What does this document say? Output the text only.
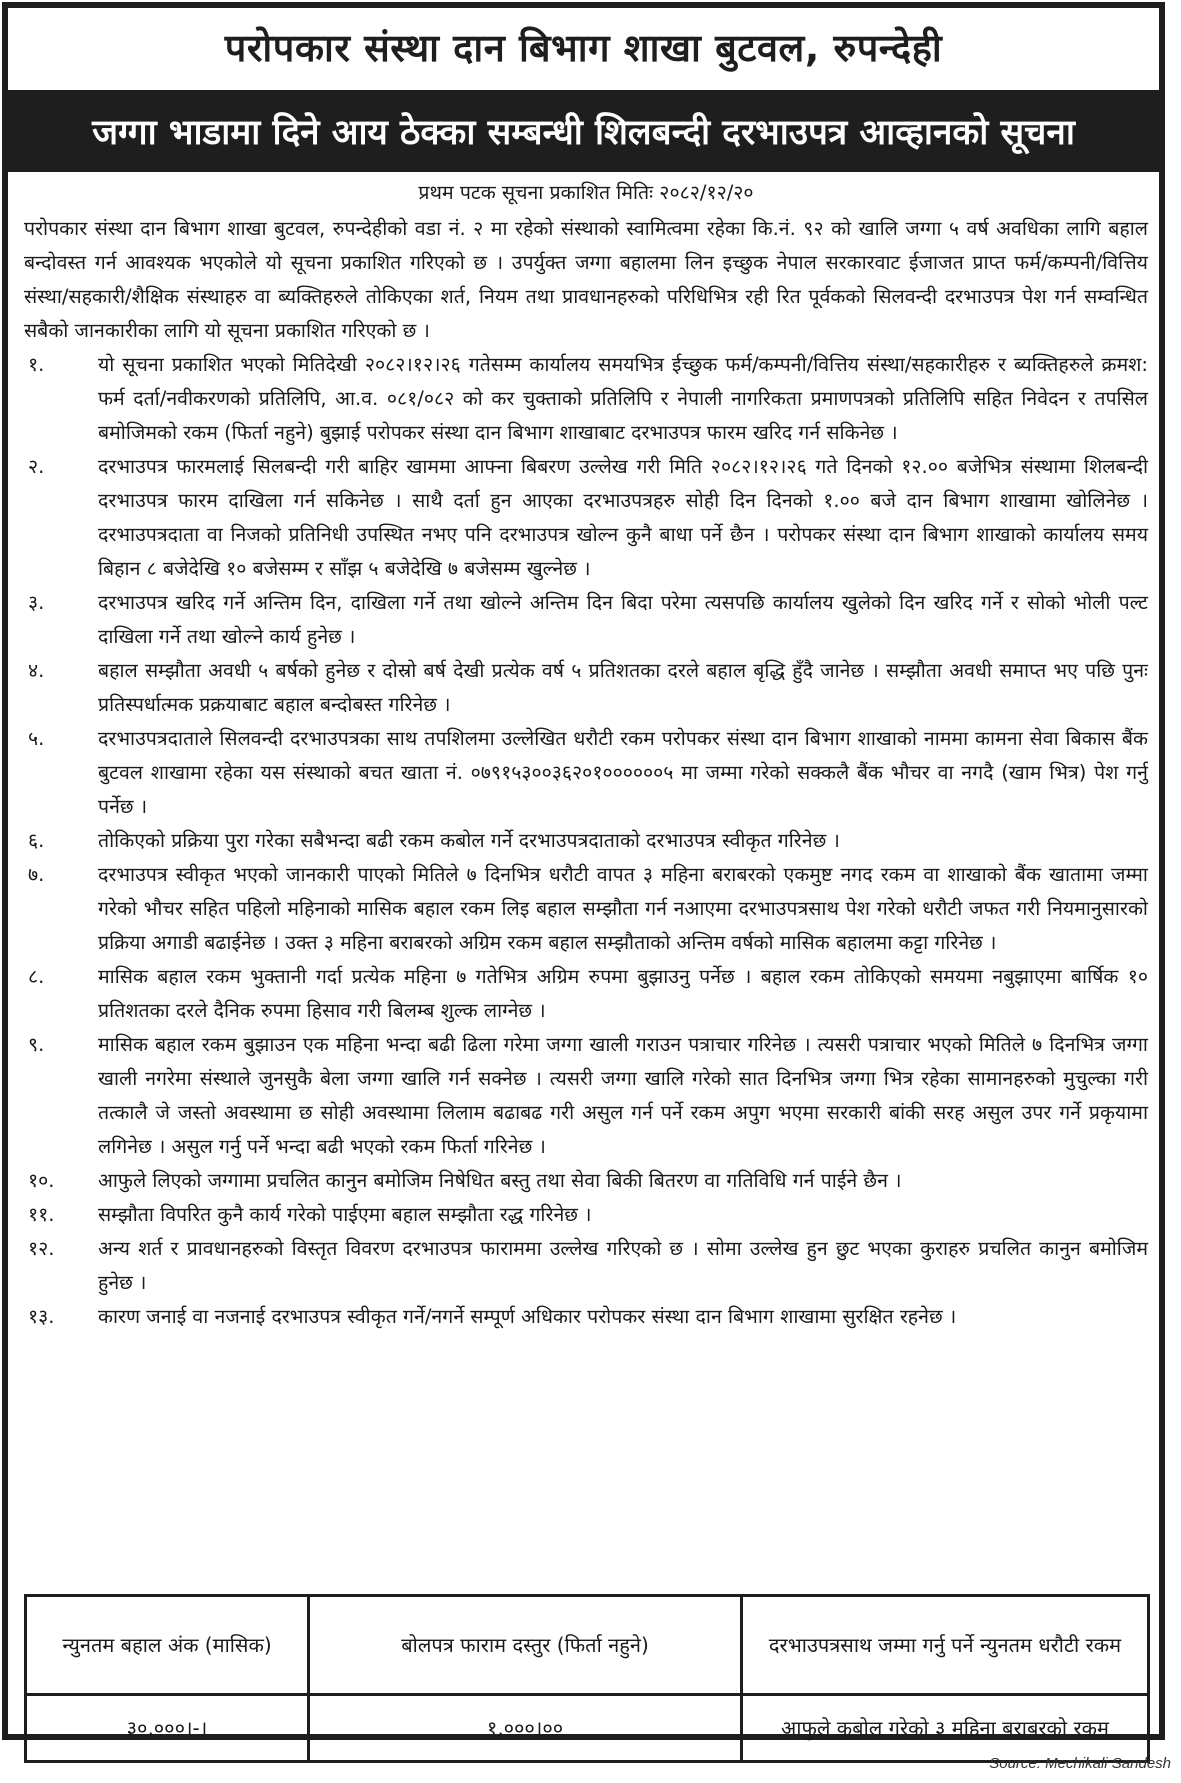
परोपकार संस्था दान बिभाग शाखा बुटवल, रुपन्देही
जग्गा भाडामा दिने आय ठेक्का सम्बन्धी शिलबन्दी दरभाउपत्र आव्हानको सूचना
प्रथम पटक सूचना प्रकाशित मितिः २०८२/१२/२०

परोपकार संस्था दान बिभाग शाखा बुटवल, रुपन्देहीको वडा नं. २ मा रहेको संस्थाको स्वामित्वमा रहेका कि.नं. ९२ को खालि जग्गा ५ वर्ष अवधिका लागि बहाल बन्दोवस्त गर्न आवश्यक भएकोले यो सूचना प्रकाशित गरिएको छ । उपर्युक्त जग्गा बहालमा लिन इच्छुक नेपाल सरकारवाट ईजाजत प्राप्त फर्म/कम्पनी/वित्तिय संस्था/सहकारी/शैक्षिक संस्थाहरु वा ब्यक्तिहरुले तोकिएका शर्त, नियम तथा प्रावधानहरुको परिधिभित्र रही रित पूर्वकको सिलवन्दी दरभाउपत्र पेश गर्न सम्वन्धित सबैको जानकारीका लागि यो सूचना प्रकाशित गरिएको छ ।

१.	यो सूचना प्रकाशित भएको मितिदेखी २०८२।१२।२६ गतेसम्म कार्यालय समयभित्र ईच्छुक फर्म/कम्पनी/वित्तिय संस्था/सहकारीहरु र ब्यक्तिहरुले क्रमश: फर्म दर्ता/नवीकरणको प्रतिलिपि, आ.व. ०८१/०८२ को कर चुक्ताको प्रतिलिपि र नेपाली नागरिकता प्रमाणपत्रको प्रतिलिपि सहित निवेदन र तपसिल बमोजिमको रकम (फिर्ता नहुने) बुझाई परोपकर संस्था दान बिभाग शाखाबाट दरभाउपत्र फारम खरिद गर्न सकिनेछ ।
२.	दरभाउपत्र फारमलाई सिलबन्दी गरी बाहिर खाममा आफ्ना बिबरण उल्लेख गरी मिति २०८२।१२।२६ गते दिनको १२.०० बजेभित्र संस्थामा शिलबन्दी दरभाउपत्र फारम दाखिला गर्न सकिनेछ । साथै दर्ता हुन आएका दरभाउपत्रहरु सोही दिन दिनको १.०० बजे दान बिभाग शाखामा खोलिनेछ । दरभाउपत्रदाता वा निजको प्रतिनिधी उपस्थित नभए पनि दरभाउपत्र खोल्न कुनै बाधा पर्ने छैन । परोपकर संस्था दान बिभाग शाखाको कार्यालय समय बिहान ८ बजेदेखि १० बजेसम्म र साँझ ५ बजेदेखि ७ बजेसम्म खुल्नेछ ।
३.	दरभाउपत्र खरिद गर्ने अन्तिम दिन, दाखिला गर्ने तथा खोल्ने अन्तिम दिन बिदा परेमा त्यसपछि कार्यालय खुलेको दिन खरिद गर्ने र सोको भोली पल्ट दाखिला गर्ने तथा खोल्ने कार्य हुनेछ ।
४.	बहाल सम्झौता अवधी ५ बर्षको हुनेछ र दोस्रो बर्ष देखी प्रत्येक वर्ष ५ प्रतिशतका दरले बहाल बृद्धि हुँदै जानेछ । सम्झौता अवधी समाप्त भए पछि पुनः प्रतिस्पर्धात्मक प्रक्रयाबाट बहाल बन्दोबस्त गरिनेछ ।
५.	दरभाउपत्रदाताले सिलवन्दी दरभाउपत्रका साथ तपशिलमा उल्लेखित धरौटी रकम परोपकर संस्था दान बिभाग शाखाको नाममा कामना सेवा बिकास बैंक बुटवल शाखामा रहेका यस संस्थाको बचत खाता नं. ०७९१५३००३६२०१००००००५ मा जम्मा गरेको सक्कलै बैंक भौचर वा नगदै (खाम भित्र) पेश गर्नु पर्नेछ ।
६.	तोकिएको प्रक्रिया पुरा गरेका सबैभन्दा बढी रकम कबोल गर्ने दरभाउपत्रदाताको दरभाउपत्र स्वीकृत गरिनेछ ।
७.	दरभाउपत्र स्वीकृत भएको जानकारी पाएको मितिले ७ दिनभित्र धरौटी वापत ३ महिना बराबरको एकमुष्ट नगद रकम वा शाखाको बैंक खातामा जम्मा गरेको भौचर सहित पहिलो महिनाको मासिक बहाल रकम लिइ बहाल सम्झौता गर्न नआएमा दरभाउपत्रसाथ पेश गरेको धरौटी जफत गरी नियमानुसारको प्रक्रिया अगाडी बढाईनेछ । उक्त ३ महिना बराबरको अग्रिम रकम बहाल सम्झौताको अन्तिम वर्षको मासिक बहालमा कट्टा गरिनेछ ।
८.	मासिक बहाल रकम भुक्तानी गर्दा प्रत्येक महिना ७ गतेभित्र अग्रिम रुपमा बुझाउनु पर्नेछ । बहाल रकम तोकिएको समयमा नबुझाएमा बार्षिक १० प्रतिशतका दरले दैनिक रुपमा हिसाव गरी बिलम्ब शुल्क लाग्नेछ ।
९.	मासिक बहाल रकम बुझाउन एक महिना भन्दा बढी ढिला गरेमा जग्गा खाली गराउन पत्राचार गरिनेछ । त्यसरी पत्राचार भएको मितिले ७ दिनभित्र जग्गा खाली नगरेमा संस्थाले जुनसुकै बेला जग्गा खालि गर्न सक्नेछ । त्यसरी जग्गा खालि गरेको सात दिनभित्र जग्गा भित्र रहेका सामानहरुको मुचुल्का गरी तत्कालै जे जस्तो अवस्थामा छ सोही अवस्थामा लिलाम बढाबढ गरी असुल गर्न पर्ने रकम अपुग भएमा सरकारी बांकी सरह असुल उपर गर्ने प्रकृयामा लगिनेछ । असुल गर्नु पर्ने भन्दा बढी भएको रकम फिर्ता गरिनेछ ।
१०.	आफुले लिएको जग्गामा प्रचलित कानुन बमोजिम निषेधित बस्तु तथा सेवा बिकी बितरण वा गतिविधि गर्न पाईने छैन ।
११.	सम्झौता विपरित कुनै कार्य गरेको पाईएमा बहाल सम्झौता रद्ध गरिनेछ ।
१२.	अन्य शर्त र प्रावधानहरुको विस्तृत विवरण दरभाउपत्र फाराममा उल्लेख गरिएको छ । सोमा उल्लेख हुन छुट भएका कुराहरु प्रचलित कानुन बमोजिम हुनेछ ।
१३.	कारण जनाई वा नजनाई दरभाउपत्र स्वीकृत गर्ने/नगर्ने सम्पूर्ण अधिकार परोपकर संस्था दान बिभाग शाखामा सुरक्षित रहनेछ ।
न्युनतम बहाल अंक (मासिक)	बोलपत्र फाराम दस्तुर (फिर्ता नहुने)	दरभाउपत्रसाथ जम्मा गर्नु पर्ने न्युनतम धरौटी रकम
३०,०००।-।	१,०००।००	आफुले कबोल गरेको ३ महिना बराबरको रकम
Source: Mechikali Sandesh
